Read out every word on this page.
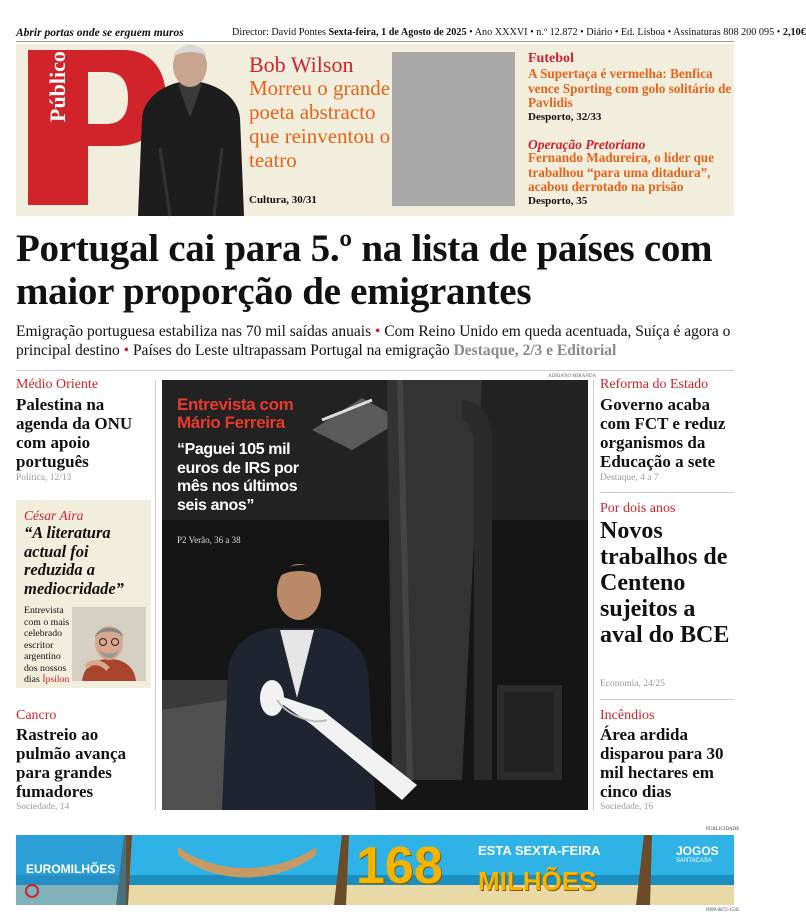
Abrir portas onde se erguem muros	Director: David Pontes Sexta-feira, 1 de Agosto de 2025 • Ano XXXVI • n.º 12.872 • Diário • Ed. Lisboa • Assinaturas 808 200 095 • 2,10€
Público	Bob Wilson
Morreu o grande poeta abstracto que reinventou o teatro
Cultura, 30/31
Futebol
A Supertaça é vermelha: Benfica vence Sporting com golo solitário de Pavlidis
Desporto, 32/33
Operação Pretoriano
Fernando Madureira, o líder que trabalhou “para uma ditadura”, acabou derrotado na prisão
Desporto, 35
Portugal cai para 5.º na lista de países com maior proporção de emigrantes
Emigração portuguesa estabiliza nas 70 mil saídas anuais • Com Reino Unido em queda acentuada, Suíça é agora o principal destino • Países do Leste ultrapassam Portugal na emigração Destaque, 2/3 e Editorial
Médio Oriente
Palestina na agenda da ONU com apoio português
Política, 12/13
César Aira
“A literatura actual foi reduzida a mediocridade”
Entrevista com o mais celebrado escritor argentino dos nossos dias Ípsilon
Cancro
Rastreio ao pulmão avança para grandes fumadores
Sociedade, 14
ADRIANO MIRANDA
Entrevista com Mário Ferreira
“Paguei 105 mil euros de IRS por mês nos últimos seis anos”
P2 Verão, 36 a 38
Reforma do Estado
Governo acaba com FCT e reduz organismos da Educação a sete
Destaque, 4 a 7
Por dois anos
Novos trabalhos de Centeno sujeitos a aval do BCE
Economia, 24/25
Incêndios
Área ardida disparou para 30 mil hectares em cinco dias
Sociedade, 16
PUBLICIDADE
EUROMILHÕES
ESTA SEXTA-FEIRA
168 MILHÕES
JOGOS
SANTACASA
0999-0872-1545
